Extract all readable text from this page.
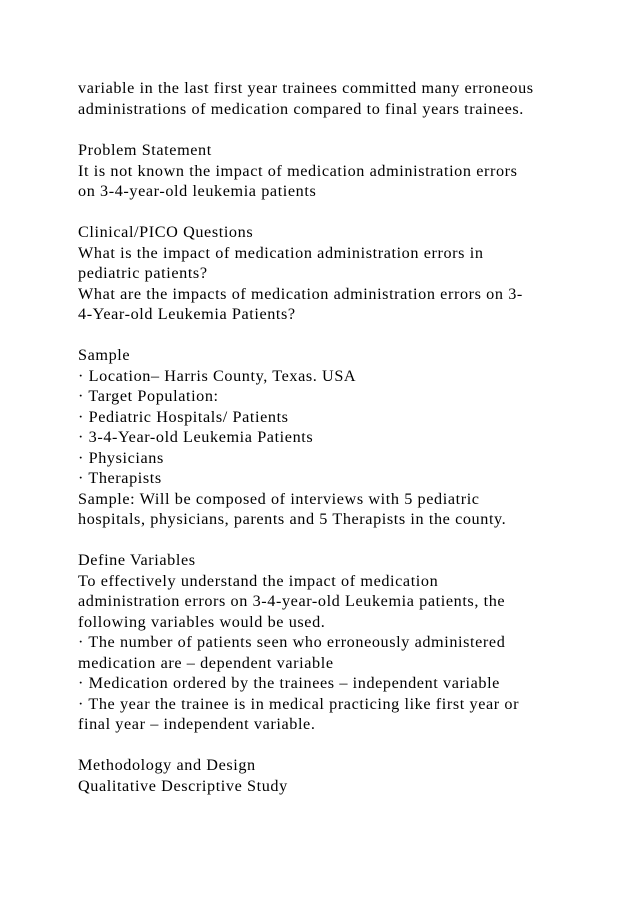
variable in the last first year trainees committed many erroneous
administrations of medication compared to final years trainees.
Problem Statement
It is not known the impact of medication administration errors
on 3-4-year-old leukemia patients
Clinical/PICO Questions
What is the impact of medication administration errors in
pediatric patients?
What are the impacts of medication administration errors on 3-
4-Year-old Leukemia Patients?
Sample
· Location– Harris County, Texas. USA
· Target Population:
· Pediatric Hospitals/ Patients
· 3-4-Year-old Leukemia Patients
· Physicians
· Therapists
Sample: Will be composed of interviews with 5 pediatric
hospitals, physicians, parents and 5 Therapists in the county.
Define Variables
To effectively understand the impact of medication
administration errors on 3-4-year-old Leukemia patients, the
following variables would be used.
· The number of patients seen who erroneously administered
medication are – dependent variable
· Medication ordered by the trainees – independent variable
· The year the trainee is in medical practicing like first year or
final year – independent variable.
Methodology and Design
Qualitative Descriptive Study
